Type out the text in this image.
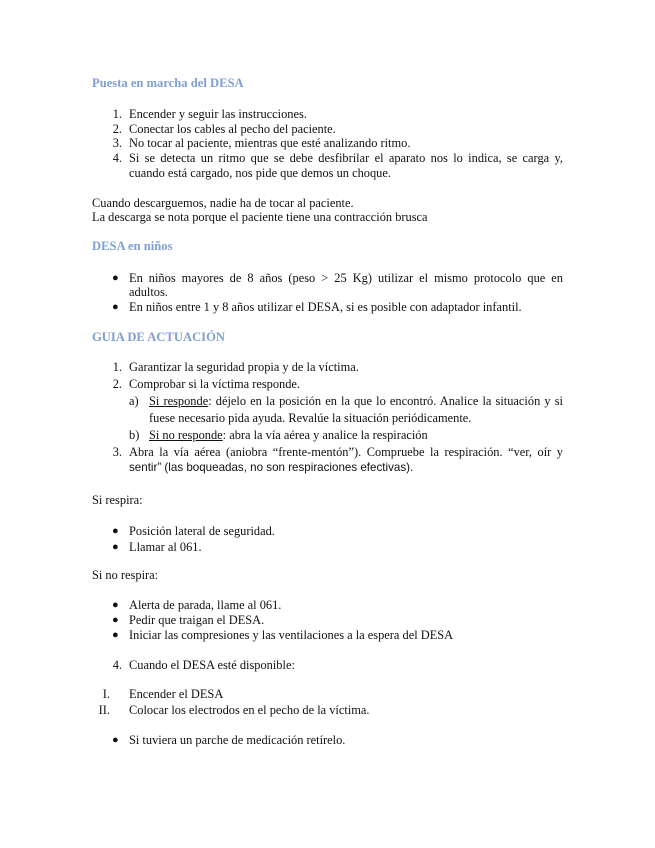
Puesta en marcha del DESA
1. Encender y seguir las instrucciones.
2. Conectar los cables al pecho del paciente.
3. No tocar al paciente, mientras que esté analizando ritmo.
4. Si se detecta un ritmo que se debe desfibrilar el aparato nos lo indica, se carga y,
cuando está cargado, nos pide que demos un choque.
Cuando descarguemos, nadie ha de tocar al paciente.
La descarga se nota porque el paciente tiene una contracción brusca
DESA en niños
● En niños mayores de 8 años (peso > 25 Kg) utilizar el mismo protocolo que en
adultos.
● En niños entre 1 y 8 años utilizar el DESA, si es posible con adaptador infantil.
GUIA DE ACTUACIÓN
1. Garantizar la seguridad propia y de la víctima.
2. Comprobar si la víctima responde.
a) Si responde: déjelo en la posición en la que lo encontró. Analice la situación y si
fuese necesario pida ayuda. Revalúe la situación periódicamente.
b) Si no responde: abra la vía aérea y analice la respiración
3. Abra la vía aérea (aniobra “frente-mentón”). Compruebe la respiración. “ver, oír y
sentir” (las boqueadas, no son respiraciones efectivas).
Si respira:
● Posición lateral de seguridad.
● Llamar al 061.
Si no respira:
● Alerta de parada, llame al 061.
● Pedir que traigan el DESA.
● Iniciar las compresiones y las ventilaciones a la espera del DESA
4. Cuando el DESA esté disponible:
I. Encender el DESA
II. Colocar los electrodos en el pecho de la víctima.
● Si tuviera un parche de medicación retírelo.
